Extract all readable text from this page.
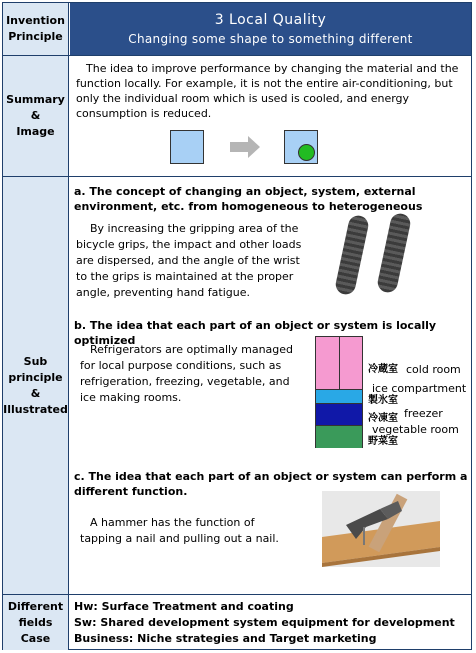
Invention Principle
3 Local Quality
Changing some shape to something different
Summary
&
Image
The idea to improve performance by changing the material and the function locally. For example, it is not the entire air-conditioning, but only the individual room which is used is cooled, and energy consumption is reduced.
Sub
principle
&
Illustrated
a. The concept of changing an object, system, external environment, etc. from homogeneous to heterogeneous
By increasing the gripping area of the bicycle grips, the impact and other loads are dispersed, and the angle of the wrist to the grips is maintained at the proper angle, preventing hand fatigue.
b. The idea that each part of an object or system is locally optimized
Refrigerators are optimally managed for local purpose conditions, such as refrigeration, freezing, vegetable, and ice making rooms.
冷蔵室 cold room
ice compartment
製氷室
freezer
冷凍室
vegetable room
野菜室
c. The idea that each part of an object or system can perform a different function.
A hammer has the function of tapping a nail and pulling out a nail.
Different
fields
Case
Hw: Surface Treatment and coating
Sw: Shared development system equipment for development
Business: Niche strategies and Target marketing
